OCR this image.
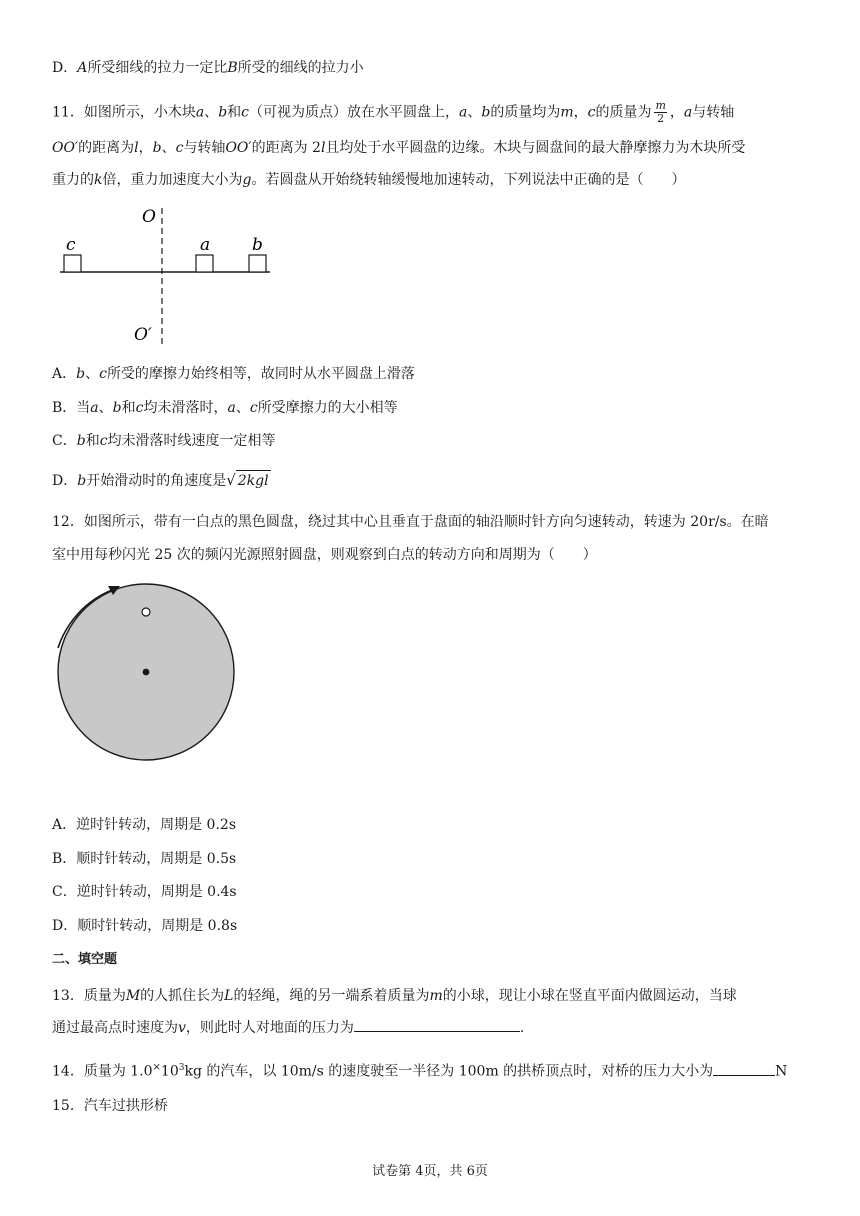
D．A所受细线的拉力一定比B所受的细线的拉力小
11．如图所示，小木块a、b和c（可视为质点）放在水平圆盘上，a、b的质量均为m，c的质量为 $\frac{m}{2}$ ，a与转轴
OO′的距离为l，b、c与转轴OO′的距离为 2l且均处于水平圆盘的边缘。木块与圆盘间的最大静摩擦力为木块所受
重力的k倍，重力加速度大小为g。若圆盘从开始绕转轴缓慢地加速转动，下列说法中正确的是（　　）
O
O′
c	a b
A．b、c所受的摩擦力始终相等，故同时从水平圆盘上滑落
B．当a、b和c均未滑落时，a、c所受摩擦力的大小相等
C．b和c均未滑落时线速度一定相等
D．b开始滑动时的角速度是√ 2kgl
12．如图所示，带有一白点的黑色圆盘，绕过其中心且垂直于盘面的轴沿顺时针方向匀速转动，转速为 20r/s。在暗
室中用每秒闪光 25 次的频闪光源照射圆盘，则观察到白点的转动方向和周期为（　　）
A．逆时针转动，周期是 0.2s
B．顺时针转动，周期是 0.5s
C．逆时针转动，周期是 0.4s
D．顺时针转动，周期是 0.8s
二、填空题
13．质量为M的人抓住长为L的轻绳，绳的另一端系着质量为m的小球，现让小球在竖直平面内做圆运动，当球
通过最高点时速度为v，则此时人对地面的压力为	.
14．质量为 $1.0^\times 10^3kg$ 的汽车，以 10m/s 的速度驶至一半径为 100m 的拱桥顶点时，对桥的压力大小为	N
15．汽车过拱形桥
试卷第 4页，共 6页
